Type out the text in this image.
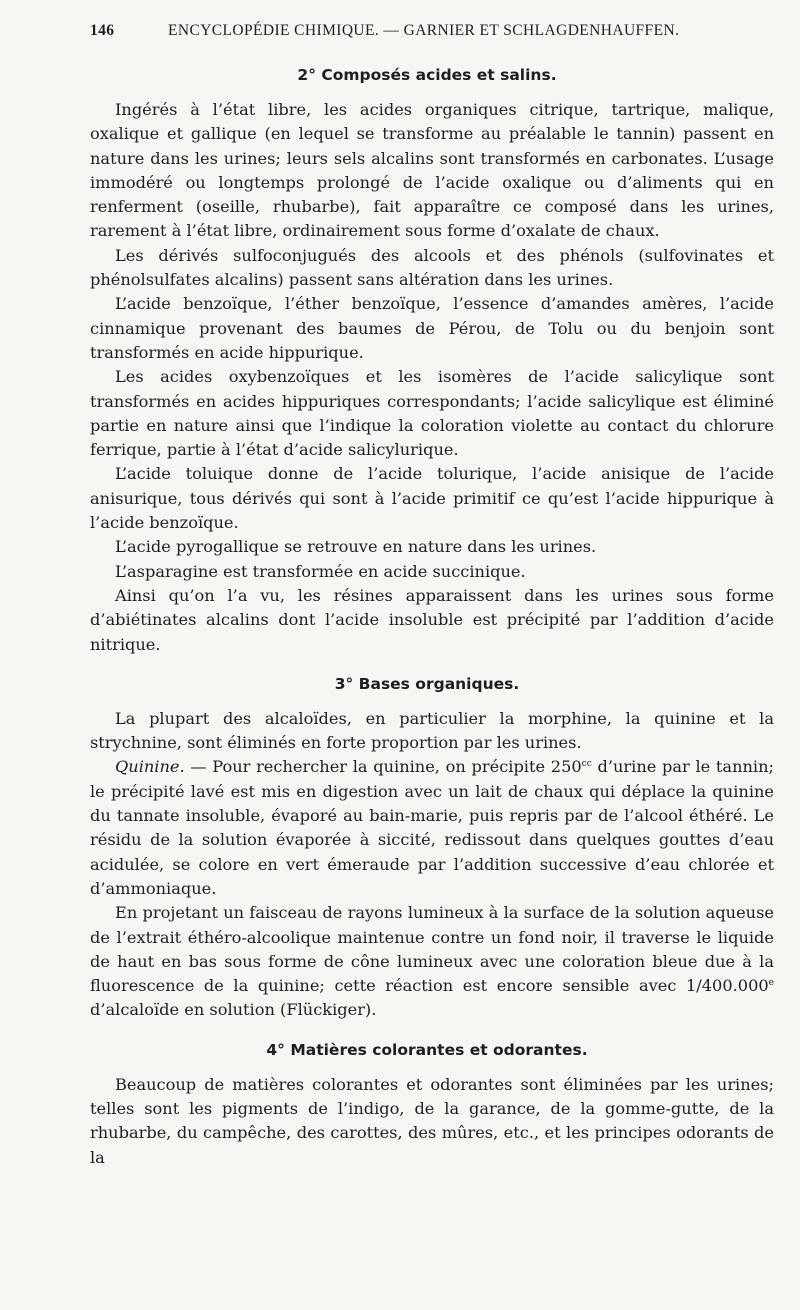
146	ENCYCLOPÉDIE CHIMIQUE. — GARNIER ET SCHLAGDENHAUFFEN.
2° Composés acides et salins.

Ingérés à l’état libre, les acides organiques citrique, tartrique, malique, oxalique et gallique (en lequel se transforme au préalable le tannin) passent en nature dans les urines; leurs sels alcalins sont transformés en carbonates. L’usage immodéré ou longtemps prolongé de l’acide oxalique ou d’aliments qui en renferment (oseille, rhubarbe), fait apparaître ce composé dans les urines, rarement à l’état libre, ordinairement sous forme d’oxalate de chaux.

Les dérivés sulfoconjugués des alcools et des phénols (sulfovinates et phénolsulfates alcalins) passent sans altération dans les urines.

L’acide benzoïque, l’éther benzoïque, l’essence d’amandes amères, l’acide cinnamique provenant des baumes de Pérou, de Tolu ou du benjoin sont transformés en acide hippurique.

Les acides oxybenzoïques et les isomères de l’acide salicylique sont transformés en acides hippuriques correspondants; l’acide salicylique est éliminé partie en nature ainsi que l’indique la coloration violette au contact du chlorure ferrique, partie à l’état d’acide salicylurique.

L’acide toluique donne de l’acide tolurique, l’acide anisique de l’acide anisurique, tous dérivés qui sont à l’acide primitif ce qu’est l’acide hippurique à l’acide benzoïque.

L’acide pyrogallique se retrouve en nature dans les urines.

L’asparagine est transformée en acide succinique.

Ainsi qu’on l’a vu, les résines apparaissent dans les urines sous forme d’abiétinates alcalins dont l’acide insoluble est précipité par l’addition d’acide nitrique.

3° Bases organiques.

La plupart des alcaloïdes, en particulier la morphine, la quinine et la strychnine, sont éliminés en forte proportion par les urines.

Quinine. — Pour rechercher la quinine, on précipite $250^{cc}$ d’urine par le tannin; le précipité lavé est mis en digestion avec un lait de chaux qui déplace la quinine du tannate insoluble, évaporé au bain-marie, puis repris par de l’alcool éthéré. Le résidu de la solution évaporée à siccité, redissout dans quelques gouttes d’eau acidulée, se colore en vert émeraude par l’addition successive d’eau chlorée et d’ammoniaque.

En projetant un faisceau de rayons lumineux à la surface de la solution aqueuse de l’extrait éthéro-alcoolique maintenue contre un fond noir, il traverse le liquide de haut en bas sous forme de cône lumineux avec une coloration bleue due à la fluorescence de la quinine; cette réaction est encore sensible avec 1/400.000e d’alcaloïde en solution (Flückiger).

4° Matières colorantes et odorantes.

Beaucoup de matières colorantes et odorantes sont éliminées par les urines; telles sont les pigments de l’indigo, de la garance, de la gomme-gutte, de la rhubarbe, du campêche, des carottes, des mûres, etc., et les principes odorants de la
